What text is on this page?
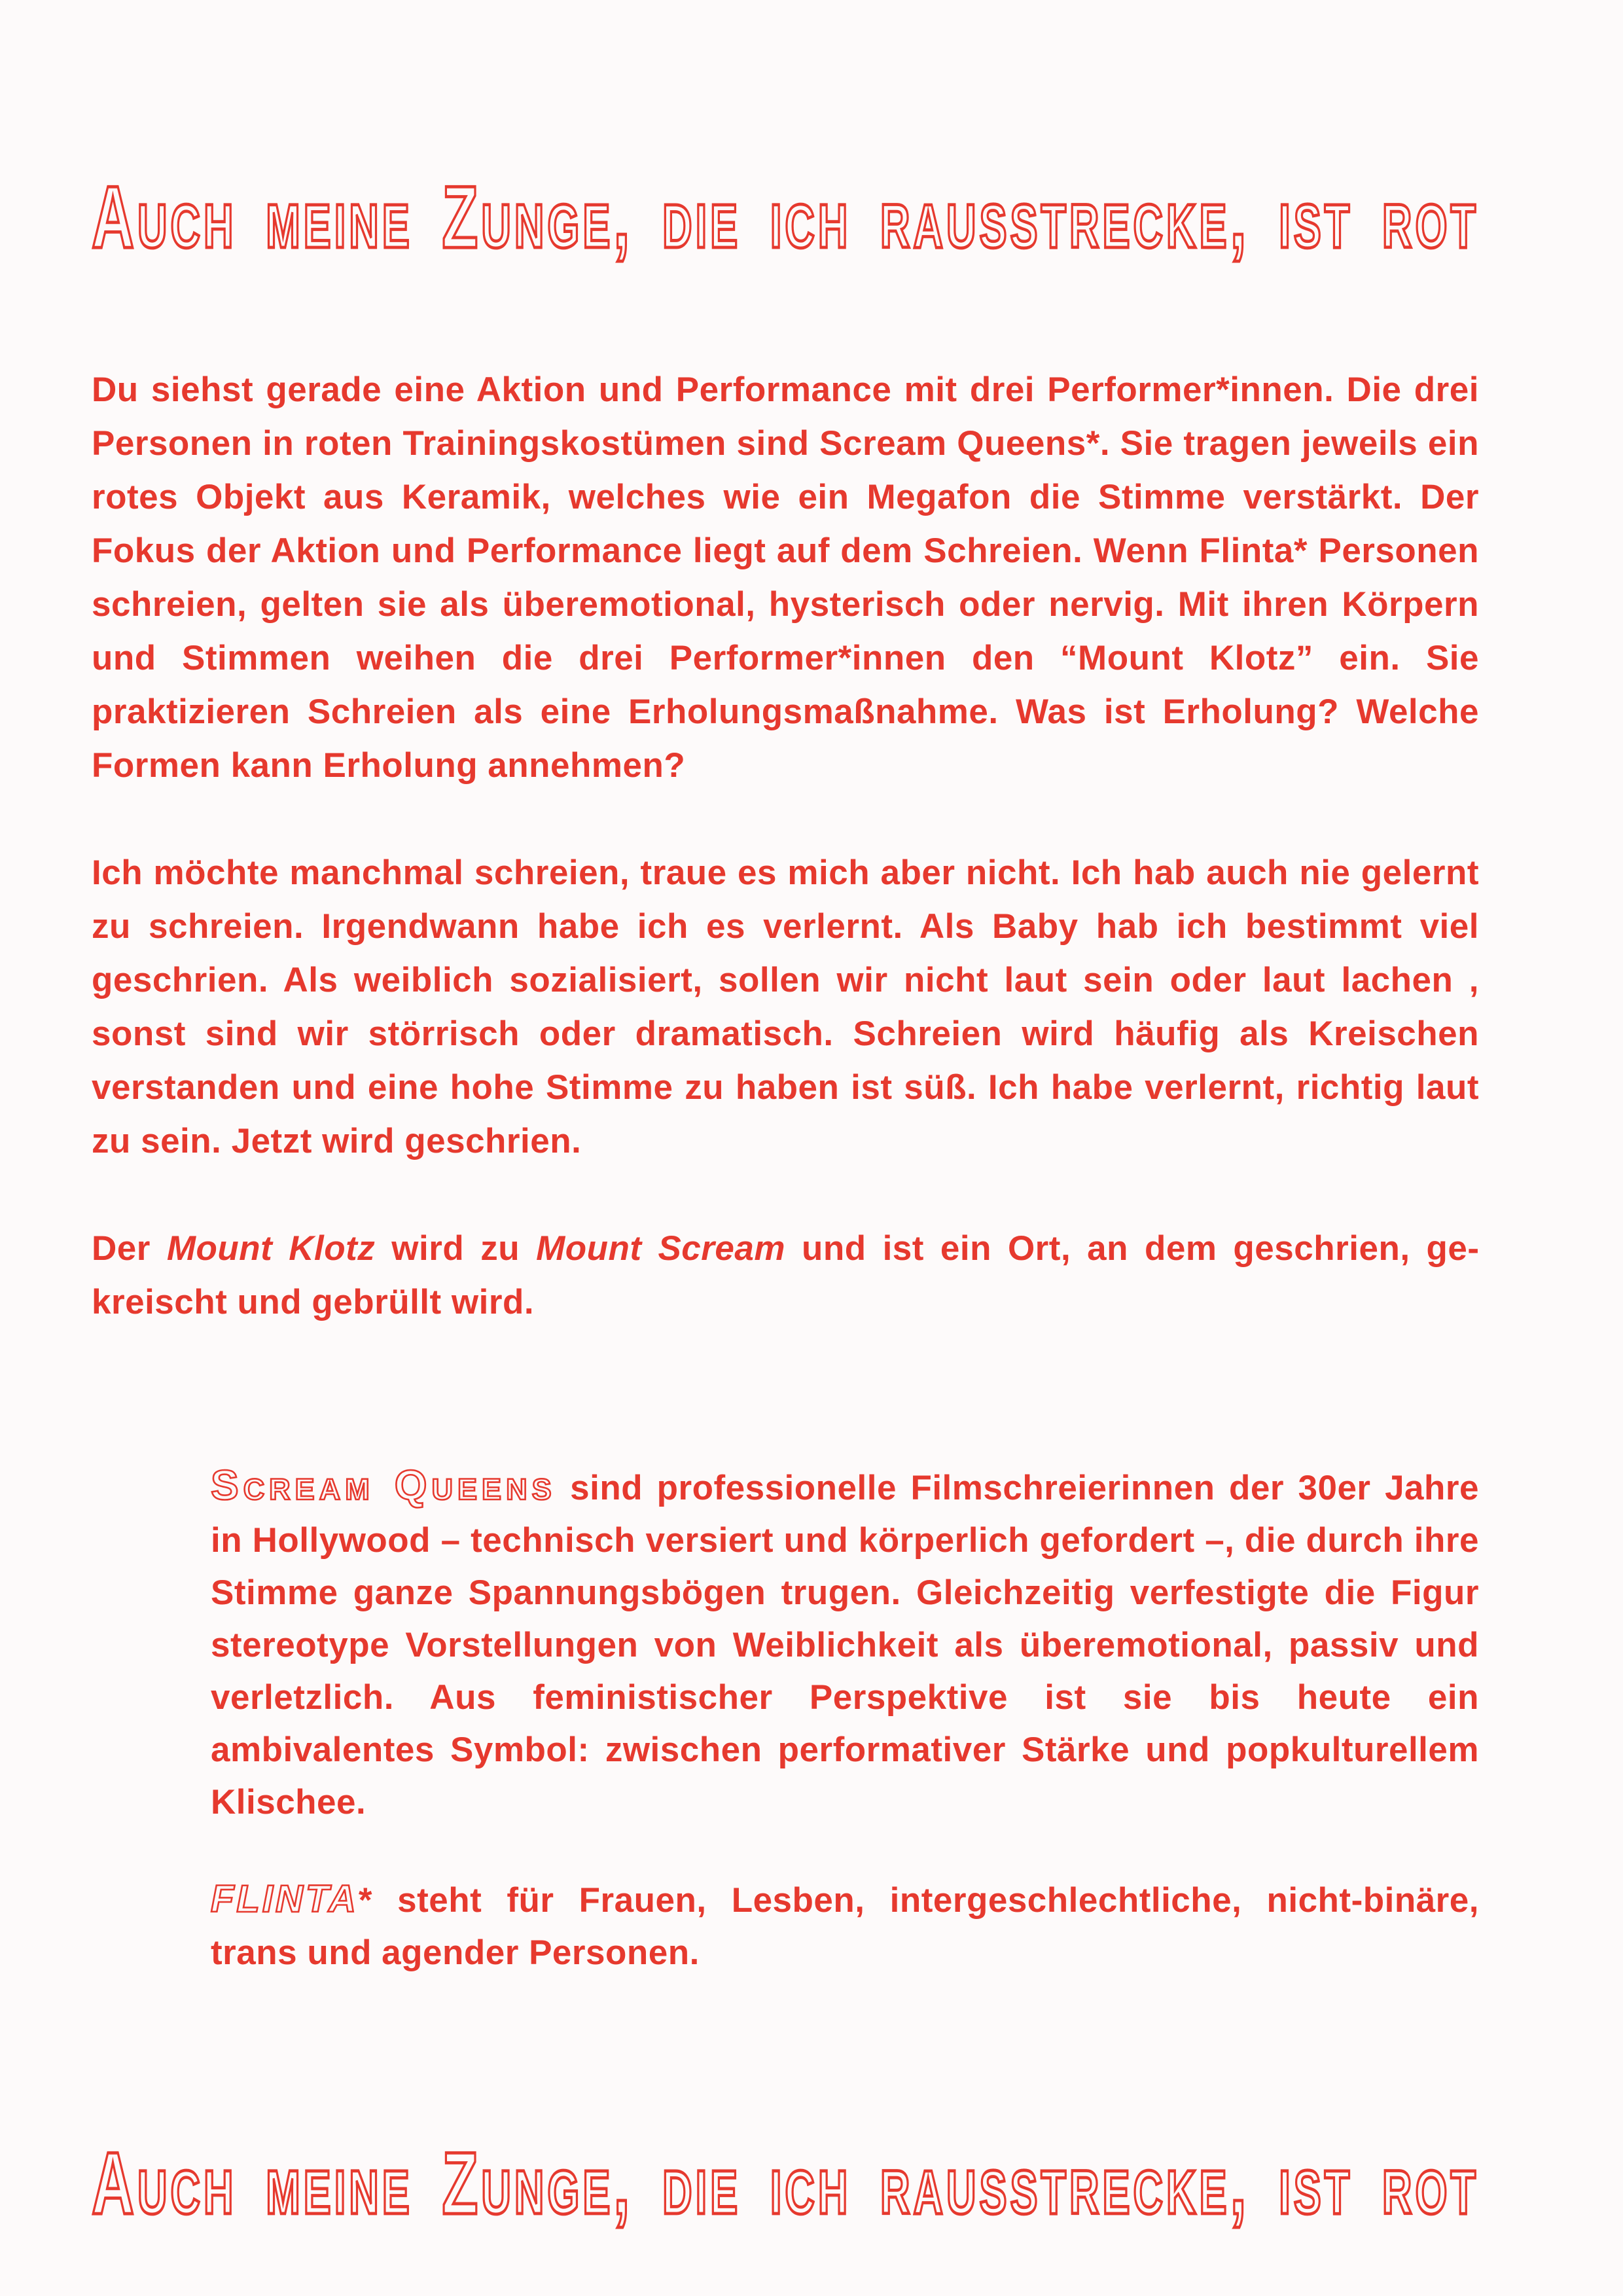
Auch meine Zunge, die ich rausstrecke, ist rot

Du siehst gerade eine Aktion und Performance mit drei Performer*innen. Die drei Personen in roten Trainingskostümen sind Scream Queens*. Sie tragen jeweils ein rotes Objekt aus Keramik, welches wie ein Megafon die Stimme verstärkt. Der Fokus der Aktion und Performance liegt auf dem Schreien. Wenn Flinta* Personen schreien, gelten sie als überemotional, hysterisch oder nervig. Mit ihren Körpern und Stimmen weihen die drei Performer*innen den “Mount Klotz” ein. Sie praktizieren Schreien als eine Erholungsmaßnahme. Was ist Erholung? Welche Formen kann Erholung annehmen?

Ich möchte manchmal schreien, traue es mich aber nicht. Ich hab auch nie gelernt zu schreien. Irgendwann habe ich es verlernt. Als Baby hab ich bestimmt viel geschrien. Als weiblich sozialisiert, sollen wir nicht laut sein oder laut lachen , sonst sind wir störrisch oder dramatisch. Schreien wird häufig als Kreischen verstanden und eine hohe Stimme zu haben ist süß. Ich habe verlernt, richtig laut zu sein. Jetzt wird geschrien.

Der Mount Klotz wird zu Mount Scream und ist ein Ort, an dem geschrien, gekreischt und gebrüllt wird.

Scream Queens sind professionelle Filmschreierinnen der 30er Jahre in Hollywood – technisch versiert und körperlich gefordert –, die durch ihre Stimme ganze Spannungsbögen trugen. Gleichzeitig verfestigte die Figur stereotype Vorstellungen von Weiblichkeit als überemotional, passiv und verletzlich. Aus feministischer Perspektive ist sie bis heute ein ambivalentes Symbol: zwischen performativer Stärke und popkulturellem Klischee.

FLINTA* steht für Frauen, Lesben, intergeschlechtliche, nicht-binäre, trans und agender Personen.

Auch meine Zunge, die ich rausstrecke, ist rot
